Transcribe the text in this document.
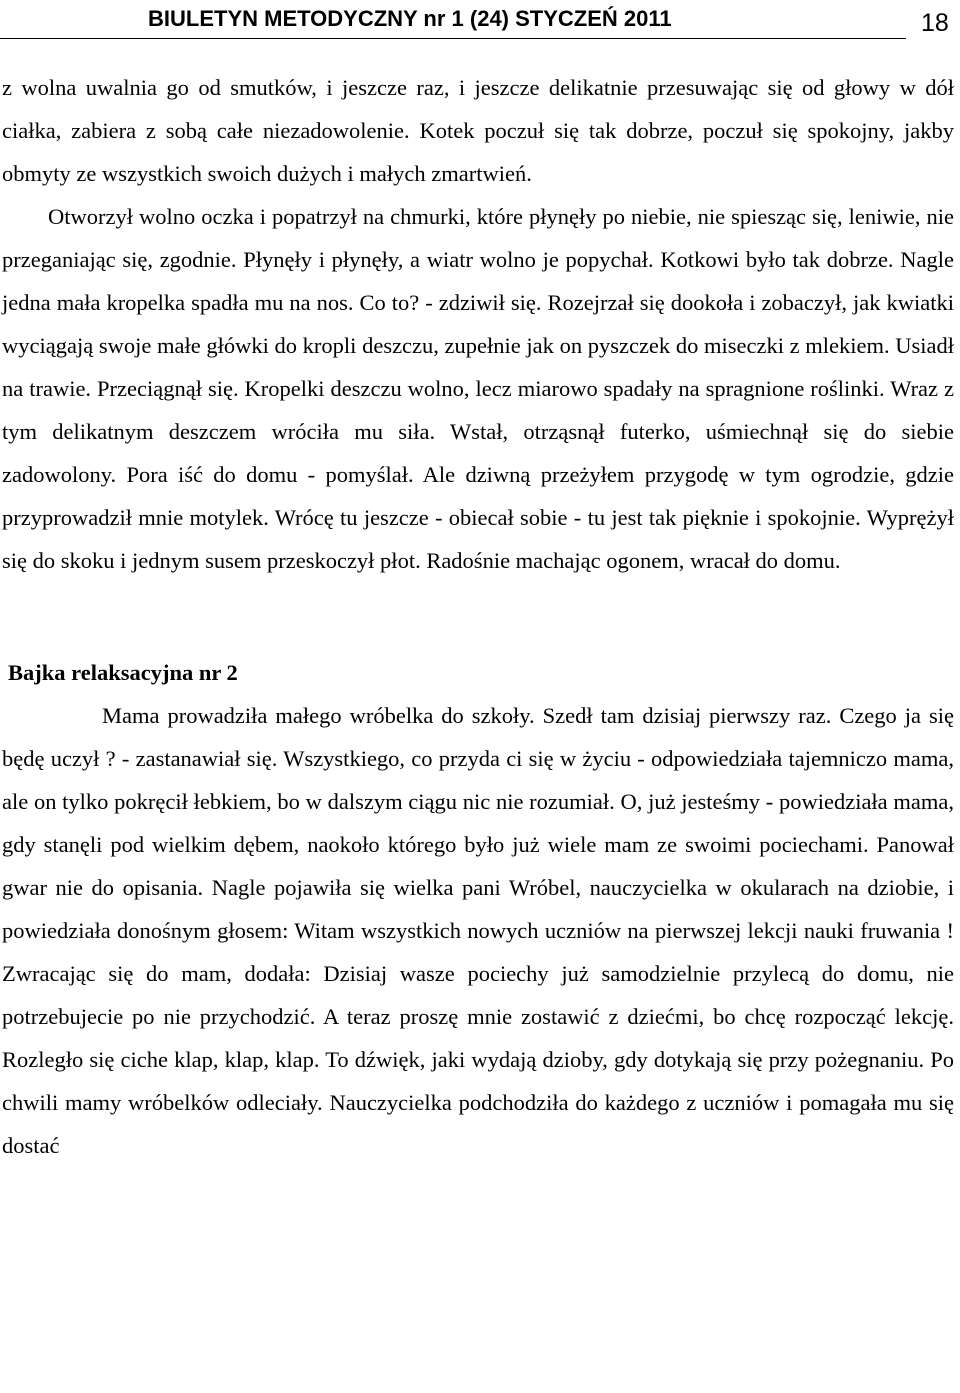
BIULETYN METODYCZNY nr 1 (24) STYCZEŃ 2011	18

z wolna uwalnia go od smutków, i jeszcze raz, i jeszcze delikatnie przesuwając się od głowy w dół ciałka, zabiera z sobą całe niezadowolenie. Kotek poczuł się tak dobrze, poczuł się spokojny, jakby obmyty ze wszystkich swoich dużych i małych zmartwień.

Otworzył wolno oczka i popatrzył na chmurki, które płynęły po niebie, nie spiesząc się, leniwie, nie przeganiając się, zgodnie. Płynęły i płynęły, a wiatr wolno je popychał. Kotkowi było tak dobrze. Nagle jedna mała kropelka spadła mu na nos. Co to? - zdziwił się. Rozejrzał się dookoła i zobaczył, jak kwiatki wyciągają swoje małe główki do kropli deszczu, zupełnie jak on pyszczek do miseczki z mlekiem. Usiadł na trawie. Przeciągnął się. Kropelki deszczu wolno, lecz miarowo spadały na spragnione roślinki. Wraz z tym delikatnym deszczem wróciła mu siła. Wstał, otrząsnął futerko, uśmiechnął się do siebie zadowolony. Pora iść do domu - pomyślał. Ale dziwną przeżyłem przygodę w tym ogrodzie, gdzie przyprowadził mnie motylek. Wrócę tu jeszcze - obiecał sobie - tu jest tak pięknie i spokojnie. Wyprężył się do skoku i jednym susem przeskoczył płot. Radośnie machając ogonem, wracał do domu.

Bajka relaksacyjna nr 2

Mama prowadziła małego wróbelka do szkoły. Szedł tam dzisiaj pierwszy raz. Czego ja się będę uczył ? - zastanawiał się. Wszystkiego, co przyda ci się w życiu - odpowiedziała tajemniczo mama, ale on tylko pokręcił łebkiem, bo w dalszym ciągu nic nie rozumiał. O, już jesteśmy - powiedziała mama, gdy stanęli pod wielkim dębem, naokoło którego było już wiele mam ze swoimi pociechami. Panował gwar nie do opisania. Nagle pojawiła się wielka pani Wróbel, nauczycielka w okularach na dziobie, i powiedziała donośnym głosem: Witam wszystkich nowych uczniów na pierwszej lekcji nauki fruwania ! Zwracając się do mam, dodała: Dzisiaj wasze pociechy już samodzielnie przylecą do domu, nie potrzebujecie po nie przychodzić. A teraz proszę mnie zostawić z dziećmi, bo chcę rozpocząć lekcję. Rozległo się ciche klap, klap, klap. To dźwięk, jaki wydają dzioby, gdy dotykają się przy pożegnaniu. Po chwili mamy wróbelków odleciały. Nauczycielka podchodziła do każdego z uczniów i pomagała mu się dostać
